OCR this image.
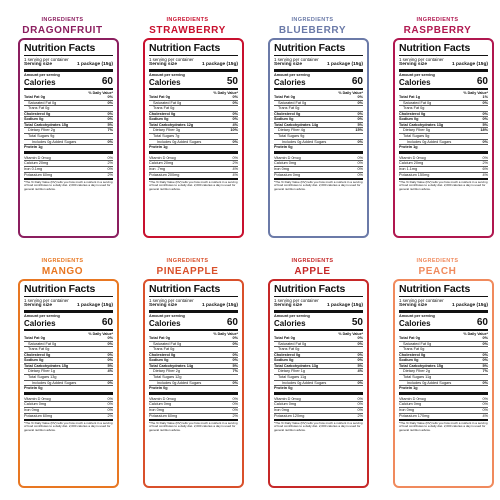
INGREDIENTS
DRAGONFRUIT
Nutrition Facts
1 serving per container
Serving size	1 package (15g)
Amount per serving
Calories	60
% Daily Value*
Total Fat 0g	0%
Saturated Fat 0g	0%
Trans Fat 0g
Cholesterol 0g	0%
Sodium 0g	0%
Total Carbohydrates 15g	5%
Dietary Fiber 2g	7%
Total Sugars 9g
Includes 0g Added Sugars	0%
Protein 1g
Vitamin D 0mcg	0%
Calcium 20mg	2%
Iron 0.1mg	0%
Potassium 60mg	2%
*The % Daily Value (DV) tells you how much a nutrient in a serving of food contributes to a daily diet. 2,000 calories a day is used for general nutrition advice.
INGREDIENTS
STRAWBERRY
Nutrition Facts
1 serving per container
Serving size	1 package (15g)
Amount per serving
Calories	50
% Daily Value*
Total Fat 0g	0%
Saturated Fat 0g	0%
Trans Fat 0g
Cholesterol 0g	0%
Sodium 0g	0%
Total Carbohydrates 12g	4%
Dietary Fiber 3g	10%
Total Sugars 7g
Includes 0g Added Sugars	0%
Protein 1g
Vitamin D 0mcg	0%
Calcium 20mg	2%
Iron .7mg	4%
Potassium 200mg	4%
*The % Daily Value (DV) tells you how much a nutrient in a serving of food contributes to a daily diet. 2,000 calories a day is used for general nutrition advice.
INGREDIENTS
BLUEBERRY
Nutrition Facts
1 serving per container
Serving size	1 package (15g)
Amount per serving
Calories	60
% Daily Value*
Total Fat 0g	0%
Saturated Fat 0g	0%
Trans Fat 0g
Cholesterol 0g	0%
Sodium 0g	0%
Total Carbohydrates 14g	5%
Dietary Fiber 4g	15%
Total Sugars 9g
Includes 0g Added Sugars	0%
Protein 0g
Vitamin D 0mcg	0%
Calcium 0mg	0%
Iron 0mg	0%
Potassium 0mg	0%
*The % Daily Value (DV) tells you how much a nutrient in a serving of food contributes to a daily diet. 2,000 calories a day is used for general nutrition advice.
INGREDIENTS
RASPBERRY
Nutrition Facts
1 serving per container
Serving size	1 package (15g)
Amount per serving
Calories	60
% Daily Value*
Total Fat 1g	1%
Saturated Fat 0g	0%
Trans Fat 0g
Cholesterol 0g	0%
Sodium 0g	0%
Total Carbohydrates 13g	5%
Dietary Fiber 5g	18%
Total Sugars 5g
Includes 0g Added Sugars	0%
Protein 1g
Vitamin D 0mcg	0%
Calcium 20mg	2%
Iron 1.1mg	6%
Potassium 150mg	4%
*The % Daily Value (DV) tells you how much a nutrient in a serving of food contributes to a daily diet. 2,000 calories a day is used for general nutrition advice.
INGREDIENTS
MANGO
Nutrition Facts
1 serving per container
Serving size	1 package (15g)
Amount per serving
Calories	60
% Daily Value*
Total Fat 0g	0%
Saturated Fat 0g	0%
Trans Fat 0g
Cholesterol 0g	0%
Sodium 0g	0%
Total Carbohydrates 15g	5%
Dietary Fiber 1g	4%
Total Sugars 13g
Includes 0g Added Sugars	0%
Protein 0g
Vitamin D 0mcg	0%
Calcium 0mg	0%
Iron 0mg	0%
Potassium 60mg	2%
*The % Daily Value (DV) tells you how much a nutrient in a serving of food contributes to a daily diet. 2,000 calories a day is used for general nutrition advice.
INGREDIENTS
PINEAPPLE
Nutrition Facts
1 serving per container
Serving size	1 package (15g)
Amount per serving
Calories	60
% Daily Value*
Total Fat 0g	0%
Saturated Fat 0g	0%
Trans Fat 0g
Cholesterol 0g	0%
Sodium 0g	0%
Total Carbohydrates 14g	5%
Dietary Fiber 2g	7%
Total Sugars 12g
Includes 0g Added Sugars	0%
Protein 0g
Vitamin D 0mcg	0%
Calcium 0mg	0%
Iron 0mg	0%
Potassium 60mg	2%
*The % Daily Value (DV) tells you how much a nutrient in a serving of food contributes to a daily diet. 2,000 calories a day is used for general nutrition advice.
INGREDIENTS
APPLE
Nutrition Facts
1 serving per container
Serving size	1 package (15g)
Amount per serving
Calories	50
% Daily Value*
Total Fat 0g	0%
Saturated Fat 0g	0%
Trans Fat 0g
Cholesterol 0g	0%
Sodium 0g	0%
Total Carbohydrates 13g	5%
Dietary Fiber 1g	4%
Total Sugars 11g
Includes 0g Added Sugars	0%
Protein 0g
Vitamin D 0mcg	0%
Calcium 0mg	0%
Iron 0mg	0%
Potassium 120mg	2%
*The % Daily Value (DV) tells you how much a nutrient in a serving of food contributes to a daily diet. 2,000 calories a day is used for general nutrition advice.
INGREDIENTS
PEACH
Nutrition Facts
1 serving per container
Serving size	1 package (15g)
Amount per serving
Calories	60
% Daily Value*
Total Fat 0g	0%
Saturated Fat 0g	0%
Trans Fat 0g
Cholesterol 0g	0%
Sodium 0g	0%
Total Carbohydrates 15g	5%
Dietary Fiber 2g	7%
Total Sugars 11g
Includes 0g Added Sugars	0%
Protein 1g
Vitamin D 0mcg	0%
Calcium 0mg	0%
Iron 0mg	0%
Potassium 170mg	4%
*The % Daily Value (DV) tells you how much a nutrient in a serving of food contributes to a daily diet. 2,000 calories a day is used for general nutrition advice.
